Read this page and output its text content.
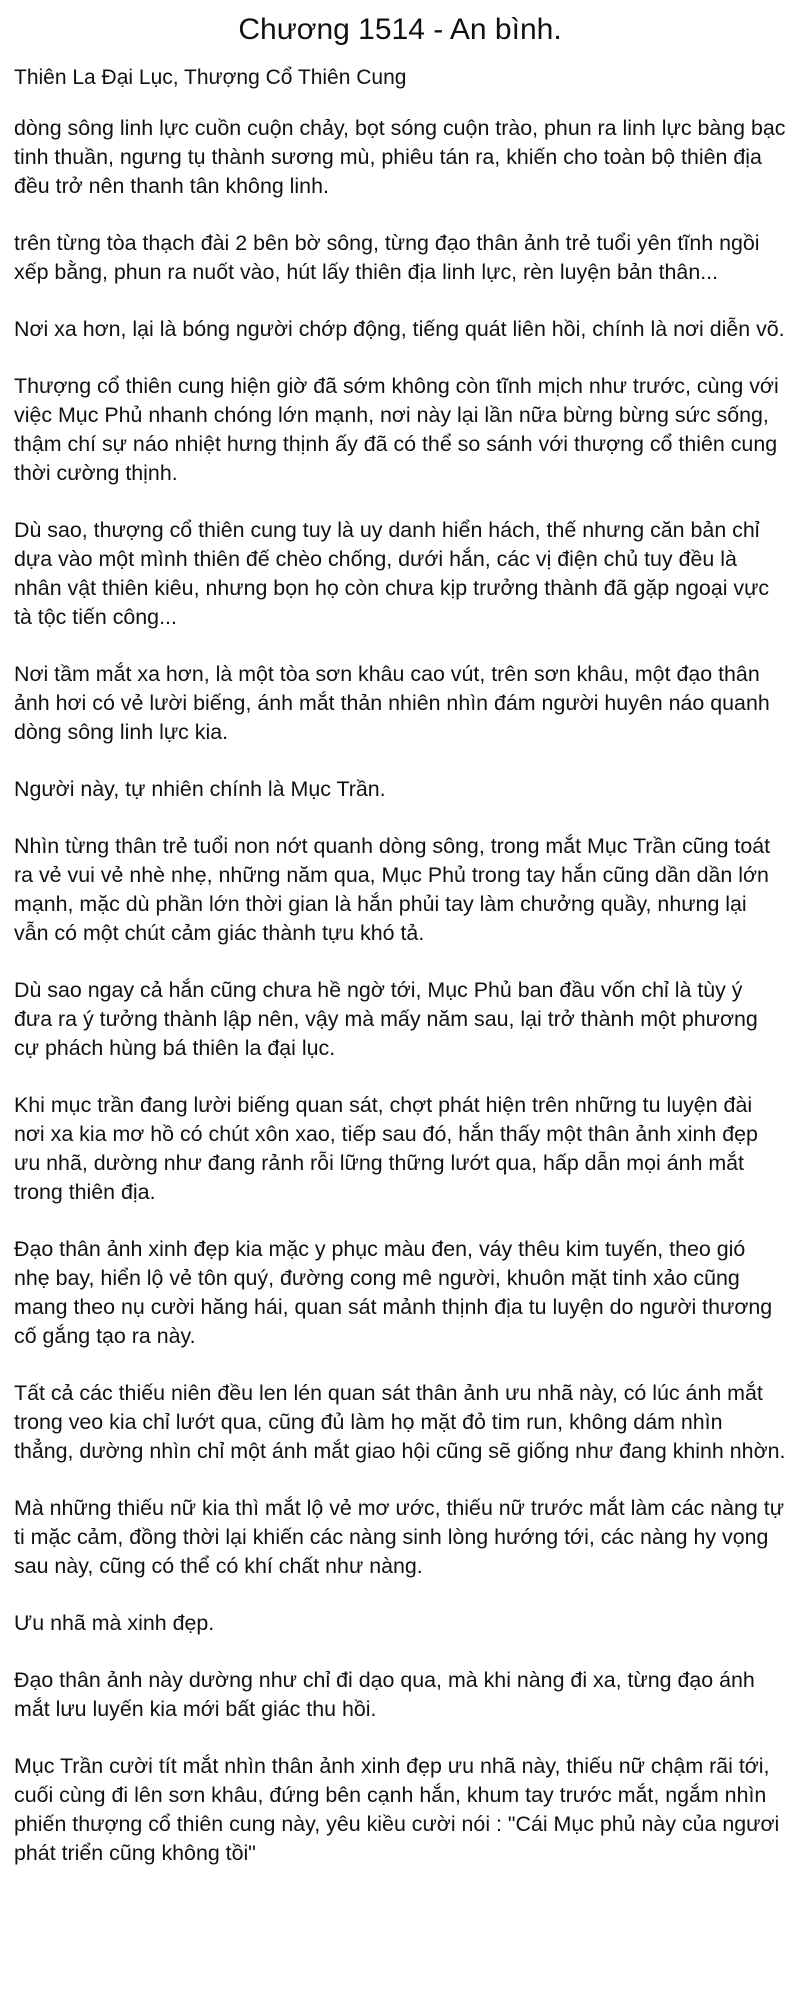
Chương 1514 - An bình.

Thiên La Đại Lục, Thượng Cổ Thiên Cung

dòng sông linh lực cuồn cuộn chảy, bọt sóng cuộn trào, phun ra linh lực bàng bạc tinh thuần, ngưng tụ thành sương mù, phiêu tán ra, khiến cho toàn bộ thiên địa đều trở nên thanh tân không linh.

trên từng tòa thạch đài 2 bên bờ sông, từng đạo thân ảnh trẻ tuổi yên tĩnh ngồi xếp bằng, phun ra nuốt vào, hút lấy thiên địa linh lực, rèn luyện bản thân...

Nơi xa hơn, lại là bóng người chớp động, tiếng quát liên hồi, chính là nơi diễn võ.

Thượng cổ thiên cung hiện giờ đã sớm không còn tĩnh mịch như trước, cùng với việc Mục Phủ nhanh chóng lớn mạnh, nơi này lại lần nữa bừng bừng sức sống, thậm chí sự náo nhiệt hưng thịnh ấy đã có thể so sánh với thượng cổ thiên cung thời cường thịnh.

Dù sao, thượng cổ thiên cung tuy là uy danh hiển hách, thế nhưng căn bản chỉ dựa vào một mình thiên đế chèo chống, dưới hắn, các vị điện chủ tuy đều là nhân vật thiên kiêu, nhưng bọn họ còn chưa kịp trưởng thành đã gặp ngoại vực tà tộc tiến công...

Nơi tầm mắt xa hơn, là một tòa sơn khâu cao vút, trên sơn khâu, một đạo thân ảnh hơi có vẻ lười biếng, ánh mắt thản nhiên nhìn đám người huyên náo quanh dòng sông linh lực kia.

Người này, tự nhiên chính là Mục Trần.

Nhìn từng thân trẻ tuổi non nớt quanh dòng sông, trong mắt Mục Trần cũng toát ra vẻ vui vẻ nhè nhẹ, những năm qua, Mục Phủ trong tay hắn cũng dần dần lớn mạnh, mặc dù phần lớn thời gian là hắn phủi tay làm chưởng quầy, nhưng lại vẫn có một chút cảm giác thành tựu khó tả.

Dù sao ngay cả hắn cũng chưa hề ngờ tới, Mục Phủ ban đầu vốn chỉ là tùy ý đưa ra ý tưởng thành lập nên, vậy mà mấy năm sau, lại trở thành một phương cự phách hùng bá thiên la đại lục.

Khi mục trần đang lười biếng quan sát, chợt phát hiện trên những tu luyện đài nơi xa kia mơ hồ có chút xôn xao, tiếp sau đó, hắn thấy một thân ảnh xinh đẹp ưu nhã, dường như đang rảnh rỗi lững thững lướt qua, hấp dẫn mọi ánh mắt trong thiên địa.

Đạo thân ảnh xinh đẹp kia mặc y phục màu đen, váy thêu kim tuyến, theo gió nhẹ bay, hiển lộ vẻ tôn quý, đường cong mê người, khuôn mặt tinh xảo cũng mang theo nụ cười hăng hái, quan sát mảnh thịnh địa tu luyện do người thương cố gắng tạo ra này.

Tất cả các thiếu niên đều len lén quan sát thân ảnh ưu nhã này, có lúc ánh mắt trong veo kia chỉ lướt qua, cũng đủ làm họ mặt đỏ tim run, không dám nhìn thẳng, dường nhìn chỉ một ánh mắt giao hội cũng sẽ giống như đang khinh nhờn.

Mà những thiếu nữ kia thì mắt lộ vẻ mơ ước, thiếu nữ trước mắt làm các nàng tự ti mặc cảm, đồng thời lại khiến các nàng sinh lòng hướng tới, các nàng hy vọng sau này, cũng có thể có khí chất như nàng.

Ưu nhã mà xinh đẹp.

Đạo thân ảnh này dường như chỉ đi dạo qua, mà khi nàng đi xa, từng đạo ánh mắt lưu luyến kia mới bất giác thu hồi.

Mục Trần cười tít mắt nhìn thân ảnh xinh đẹp ưu nhã này, thiếu nữ chậm rãi tới, cuối cùng đi lên sơn khâu, đứng bên cạnh hắn, khum tay trước mắt, ngắm nhìn phiến thượng cổ thiên cung này, yêu kiều cười nói : "Cái Mục phủ này của ngươi phát triển cũng không tồi"
